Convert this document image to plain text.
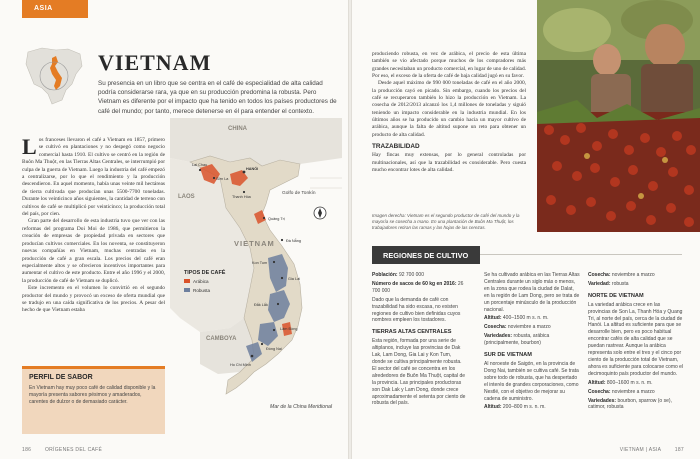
ASIA
VIETNAM
Su presencia en un libro que se centra en el café de especialidad de alta calidad podría considerarse rara, ya que en su producción predomina la robusta. Pero Vietnam es diferente por el impacto que ha tenido en todos los países productores de café del mundo; por tanto, merece detenerse en él para entender el contexto.

Los franceses llevaron el café a Vietnam en 1857, primero se cultivó en plantaciones y no despegó como negocio comercial hasta 1910. El cultivo se centró en la región de Buôn Ma Thuột, en las Tierras Altas Centrales, se interrumpió por culpa de la guerra de Vietnam. Luego la industria del café empezó a centralizarse, por lo que el rendimiento y la producción descendieron. En aquel momento, había unas veinte mil hectáreas de tierra cultivada que producían unas 5500-7700 toneladas. Durante los veinticinco años siguientes, la cantidad de terreno con cultivos de café se multiplicó por veinticinco; la producción total del país, por cien.

Gran parte del desarrollo de esta industria tuvo que ver con las reformas del programa Doi Moi de 1986, que permitieron la creación de empresas de propiedad privada en sectores que producían cultivos comerciales. En los noventa, se constituyeron nuevas compañías en Vietnam, muchas centradas en la producción de café a gran escala. Los precios del café eran especialmente altos y se ofrecieron incentivos importantes para aumentar el cultivo de este producto. Entre el año 1996 y el 2000, la producción de café de Vietnam se duplicó.

Este incremento en el volumen lo convirtió en el segundo productor del mundo y provocó un exceso de oferta mundial que se tradujo en una caída significativa de los precios. A pesar del hecho de que Vietnam estaba

PERFIL DE SABOR

En Vietnam hay muy poco café de calidad disponible y la mayoría presenta sabores pésimos y amaderados, carentes de dulzor o de demasiado carácter.

TIPOS DE CAFÉ
Arábica
Robusta
CHINA
LAOS
VIETNAM
CAMBOYA
Golfo de Tonkín
Mar de la China Meridional
Lai Chau
Sơn La
HANÓI
Thanh Hóa
Quảng Trị
Đà Nẵng
Kon Tum
Gia Lai
Đắk Lắk
Lâm Đồng
Đồng Nai
Ho Chi Minh
186	ORÍGENES DEL CAFÉ

produciendo robusta, en vez de arábica, el precio de esta última también se vio afectado porque muchos de los compradores más grandes necesitaban un producto comercial, en lugar de uno de calidad. Por eso, el exceso de la oferta de café de baja calidad jugó en su favor.

Desde aquel máximo de 990 000 toneladas de café en el año 2000, la producción cayó en picado. Sin embargo, cuando los precios del café se recuperaron también lo hizo la producción en Vietnam. La cosecha de 2012/2013 alcanzó los 1,4 millones de toneladas y siguió teniendo un impacto considerable en la industria mundial. En los últimos años se ha producido un cambio hacia un mayor cultivo de arábica, aunque la falta de altitud supone un reto para obtener un producto de alta calidad.

TRAZABILIDAD

Hay fincas muy extensas, por lo general controladas por multinacionales, así que la trazabilidad es considerable. Pero cuesta mucho encontrar lotes de alta calidad.

Imagen derecha: Vietnam es el segundo productor de café del mundo y la mayoría se cosecha a mano. En una plantación de Buôn Ma Thuột, los trabajadores retiran las ramas y las hojas de las cerezas.
REGIONES DE CULTIVO

Población: 92 700 000

Número de sacos de 60 kg en 2016: 26 700 000

Dado que la demanda de café con trazabilidad ha sido escasa, no existen regiones de cultivo bien definidas cuyos nombres empleen los tostadores.

TIERRAS ALTAS CENTRALES

Esta región, formada por una serie de altiplanos, incluye las provincias de Dak Lak, Lam Dong, Gia Lai y Kon Tum, donde se cultiva principalmente robusta. El sector del café se concentra en los alrededores de Buôn Ma Thuột, capital de la provincia. Las principales productoras son Dak Lak y Lam Dong, donde crece aproximadamente el setenta por ciento de robusta del país.

Se ha cultivado arábica en las Tierras Altas Centrales durante un siglo más o menos, en la zona que rodea la ciudad de Dalat, en la región de Lam Dong, pero se trata de un porcentaje minúsculo de la producción nacional.

Altitud: 400–1500 m s. n. m.

Cosecha: noviembre a marzo

Variedades: robusta, arábica (principalmente, bourbon)

SUR DE VIETNAM

Al noroeste de Saigón, en la provincia de Dong Nai, también se cultiva café. Se trata sobre todo de robusta, que ha despertado el interés de grandes corporaciones, como Nestlé, con el objetivo de mejorar su cadena de suministro.

Altitud: 200–800 m s. n. m.

Cosecha: noviembre a marzo

Variedad: robusta

NORTE DE VIETNAM

La variedad arábica crece en las provincias de Son La, Thanh Hóa y Quang Tri, al norte del país, cerca de la ciudad de Hanói. La altitud es suficiente para que se desarrolle bien, pero es poco habitual encontrar cafés de alta calidad que se puedan rastrear. Aunque la arábica representa solo entre el tres y el cinco por ciento de la producción total de Vietnam, ahora es suficiente para colocarse como el decimoquinto país productor del mundo.

Altitud: 800–1600 m s. n. m.

Cosecha: noviembre a marzo

Variedades: bourbon, sparrow (o se), catimor, robusta

VIETNAM | ASIA	187
